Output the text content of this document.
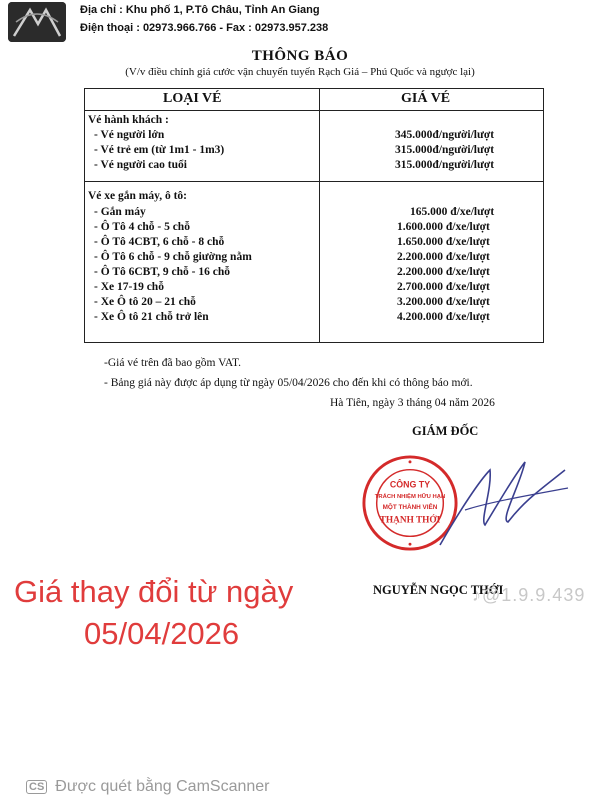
Địa chỉ : Khu phố 1, P.Tô Châu, Tỉnh An Giang
Điện thoại : 02973.966.766 - Fax : 02973.957.238
THÔNG BÁO
(V/v điều chỉnh giá cước vận chuyển tuyến Rạch Giá – Phú Quốc và ngược lại)
LOẠI VÉ	GIÁ VÉ
Vé hành khách :
- Vé người lớn	345.000đ/người/lượt
- Vé trẻ em (từ 1m1 - 1m3)	315.000đ/người/lượt
- Vé người cao tuổi	315.000đ/người/lượt
Vé xe gắn máy, ô tô:
- Gắn máy	165.000 đ/xe/lượt
- Ô Tô 4 chỗ - 5 chỗ	1.600.000 đ/xe/lượt
- Ô Tô 4CBT, 6 chỗ - 8 chỗ	1.650.000 đ/xe/lượt
- Ô Tô 6 chỗ - 9 chỗ giường nằm	2.200.000 đ/xe/lượt
- Ô Tô 6CBT, 9 chỗ - 16 chỗ	2.200.000 đ/xe/lượt
- Xe 17-19 chỗ	2.700.000 đ/xe/lượt
- Xe Ô tô 20 – 21 chỗ	3.200.000 đ/xe/lượt
- Xe Ô tô 21 chỗ trở lên	4.200.000 đ/xe/lượt
-Giá vé trên đã bao gồm VAT.
- Bảng giá này được áp dụng từ ngày 05/04/2026 cho đến khi có thông báo mới.
Hà Tiên, ngày 3 tháng 04 năm 2026
GIÁM ĐỐC
CÔNG TY
TRÁCH NHIỆM HỮU HẠN
MỘT THÀNH VIÊN
THẠNH THỚI
NGUYỄN NGỌC THỚI
Giá thay đổi từ ngày
05/04/2026
♪@1.9.9.439
CS Được quét bằng CamScanner
